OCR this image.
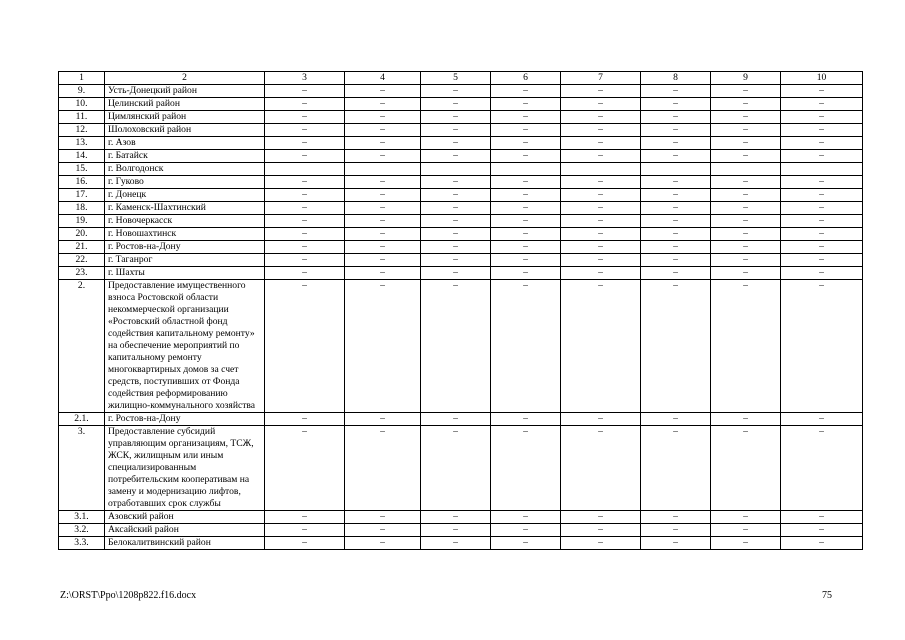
1	2	3	4	5	6	7	8	9	10
9.	Усть-Донецкий район	–	–	–	–	–	–	–	–
10.	Целинский район	–	–	–	–	–	–	–	–
11.	Цимлянский район	–	–	–	–	–	–	–	–
12.	Шолоховский район	–	–	–	–	–	–	–	–
13.	г. Азов	–	–	–	–	–	–	–	–
14.	г. Батайск	–	–	–	–	–	–	–	–
15.	г. Волгодонск								
16.	г. Гуково	–	–	–	–	–	–	–	–
17.	г. Донецк	–	–	–	–	–	–	–	–
18.	г. Каменск-Шахтинский	–	–	–	–	–	–	–	–
19.	г. Новочеркасск	–	–	–	–	–	–	–	–
20.	г. Новошахтинск	–	–	–	–	–	–	–	–
21.	г. Ростов-на-Дону	–	–	–	–	–	–	–	–
22.	г. Таганрог	–	–	–	–	–	–	–	–
23.	г. Шахты	–	–	–	–	–	–	–	–
2.	Предоставление имущественного взноса Ростовской области некоммерческой организации «Ростовский областной фонд содействия капитальному ремонту» на обеспечение мероприятий по капитальному ремонту многоквартирных домов за счет средств, поступивших от Фонда содействия реформированию жилищно-коммунального хозяйства	–	–	–	–	–	–	–	–
2.1.	г. Ростов-на-Дону	–	–	–	–	–	–	–	–
3.	Предоставление субсидий управляющим организациям, ТСЖ, ЖСК, жилищным или иным специализированным потребительским кооперативам на замену и модернизацию лифтов, отработавших срок службы	–	–	–	–	–	–	–	–
3.1.	Азовский район	–	–	–	–	–	–	–	–
3.2.	Аксайский район	–	–	–	–	–	–	–	–
3.3.	Белокалитвинский район	–	–	–	–	–	–	–	–
Z:\ORST\Ppo\1208p822.f16.docx	75
